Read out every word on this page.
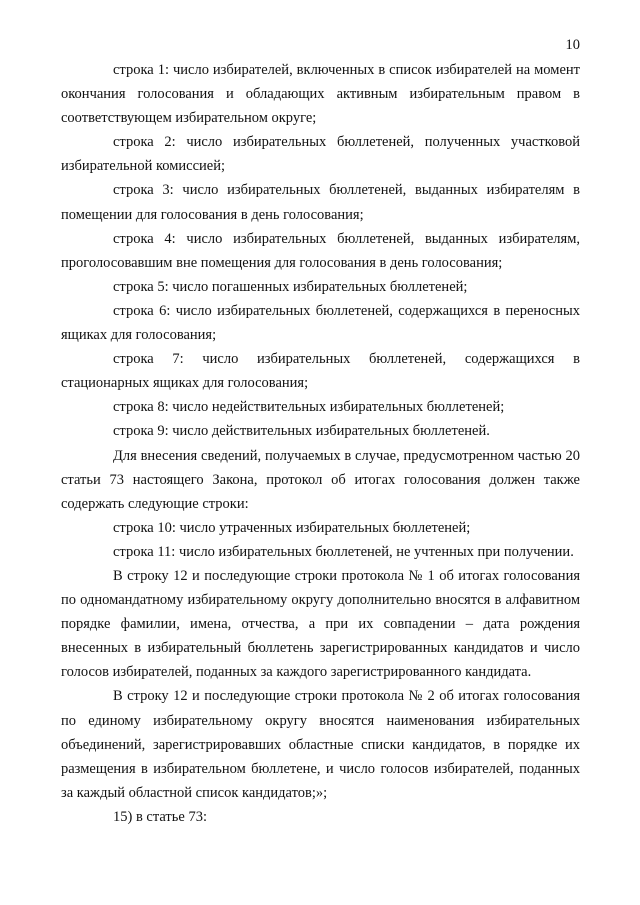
10

строка 1: число избирателей, включенных в список избирателей на момент окончания голосования и обладающих активным избирательным правом в соответствующем избирательном округе;

строка 2: число избирательных бюллетеней, полученных участковой избирательной комиссией;

строка 3: число избирательных бюллетеней, выданных избирателям в помещении для голосования в день голосования;

строка 4: число избирательных бюллетеней, выданных избирателям, проголосовавшим вне помещения для голосования в день голосования;

строка 5: число погашенных избирательных бюллетеней;

строка 6: число избирательных бюллетеней, содержащихся в переносных ящиках для голосования;

строка 7: число избирательных бюллетеней, содержащихся в стационарных ящиках для голосования;

строка 8: число недействительных избирательных бюллетеней;

строка 9: число действительных избирательных бюллетеней.

Для внесения сведений, получаемых в случае, предусмотренном частью 20 статьи 73 настоящего Закона, протокол об итогах голосования должен также содержать следующие строки:

строка 10: число утраченных избирательных бюллетеней;

строка 11: число избирательных бюллетеней, не учтенных при получении.

В строку 12 и последующие строки протокола № 1 об итогах голосования по одномандатному избирательному округу дополнительно вносятся в алфавитном порядке фамилии, имена, отчества, а при их совпадении – дата рождения внесенных в избирательный бюллетень зарегистрированных кандидатов и число голосов избирателей, поданных за каждого зарегистрированного кандидата.

В строку 12 и последующие строки протокола № 2 об итогах голосования по единому избирательному округу вносятся наименования избирательных объединений, зарегистрировавших областные списки кандидатов, в порядке их размещения в избирательном бюллетене, и число голосов избирателей, поданных за каждый областной список кандидатов;»;

15) в статье 73:
